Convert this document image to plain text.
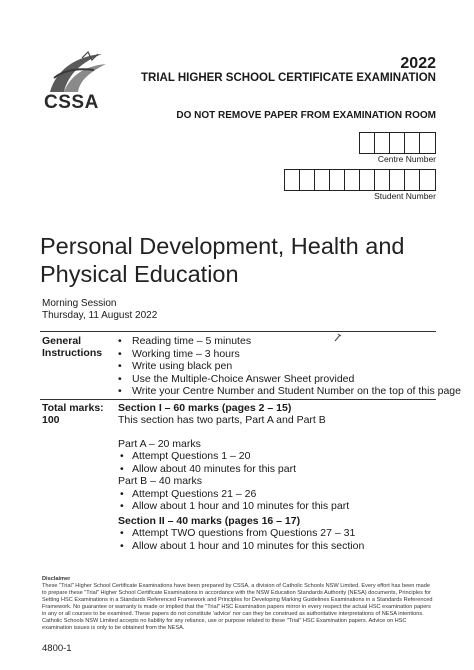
CSSA
2022
TRIAL HIGHER SCHOOL CERTIFICATE EXAMINATION
DO NOT REMOVE PAPER FROM EXAMINATION ROOM
Centre Number
Student Number
Personal Development, Health and Physical Education
Morning Session
Thursday, 11 August 2022
General
Instructions
• Reading time – 5 minutes
• Working time – 3 hours
• Write using black pen
• Use the Multiple-Choice Answer Sheet provided
• Write your Centre Number and Student Number on the top of this page
Total marks:
100
Section I – 60 marks (pages 2 – 15)
This section has two parts, Part A and Part B
Part A – 20 marks
• Attempt Questions 1 – 20
• Allow about 40 minutes for this part
Part B – 40 marks
• Attempt Questions 21 – 26
• Allow about 1 hour and 10 minutes for this part
Section II – 40 marks (pages 16 – 17)
• Attempt TWO questions from Questions 27 – 31
• Allow about 1 hour and 10 minutes for this section
Disclaimer
These "Trial" Higher School Certificate Examinations have been prepared by CSSA, a division of Catholic Schools NSW Limited. Every effort has been made to prepare these "Trial" Higher School Certificate Examinations in accordance with the NSW Education Standards Authority (NESA) documents, Principles for Setting HSC Examinations in a Standards Referenced Framework and Principles for Developing Marking Guidelines Examinations in a Standards Referenced Framework. No guarantee or warranty is made or implied that the "Trial" HSC Examination papers mirror in every respect the actual HSC examination papers in any or all courses to be examined. These papers do not constitute 'advice' nor can they be construed as authoritative interpretations of NESA intentions. Catholic Schools NSW Limited accepts no liability for any reliance, use or purpose related to these "Trial" HSC Examination papers. Advice on HSC examination issues is only to be obtained from the NESA.
4800-1
